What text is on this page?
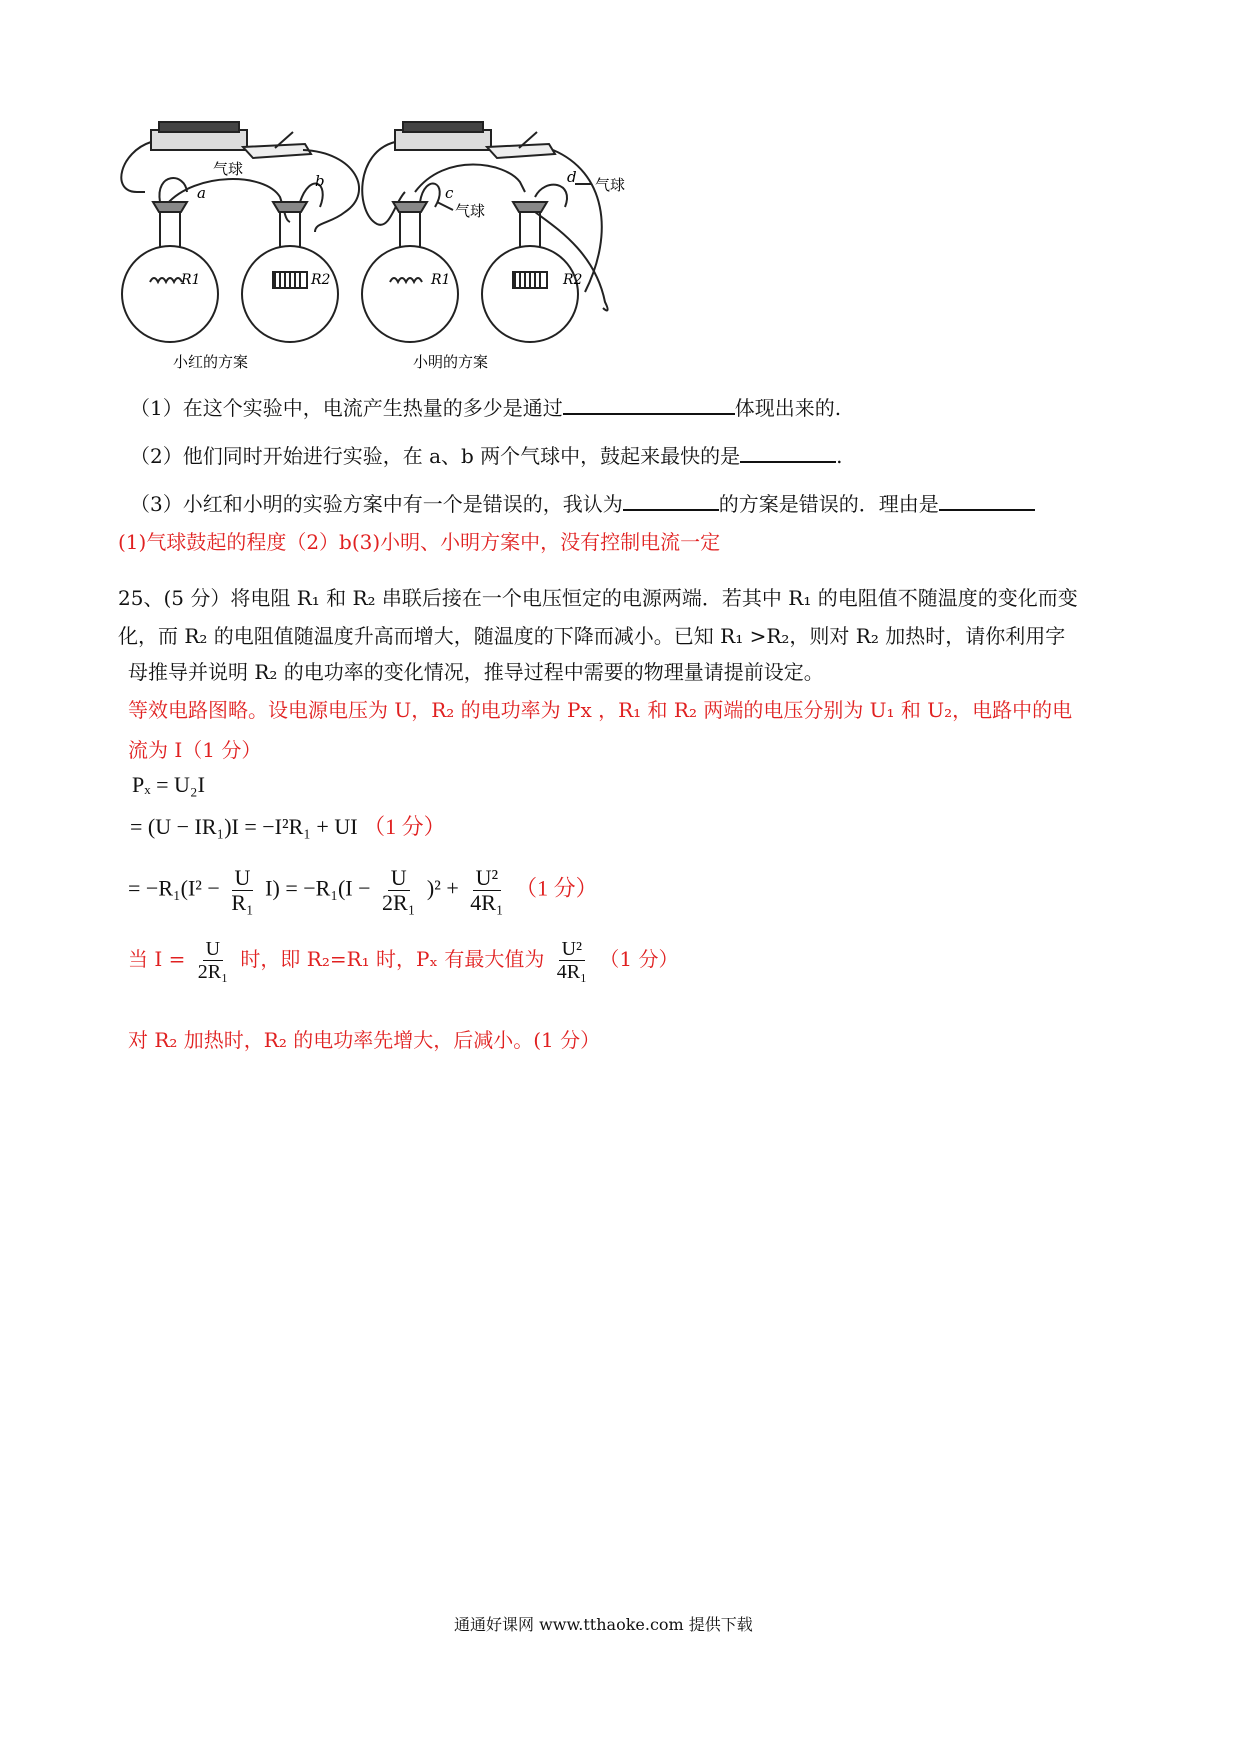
气球
a
b
R1	R2
c
气球
d 气球
R1	R2
小红的方案	小明的方案
（1）在这个实验中，电流产生热量的多少是通过	体现出来的.
（2）他们同时开始进行实验，在 a、b 两个气球中，鼓起来最快的是	.
（3）小红和小明的实验方案中有一个是错误的，我认为	的方案是错误的．理由是
(1)气球鼓起的程度（2）b(3)小明、小明方案中，没有控制电流一定
25、(5 分）将电阻 R₁ 和 R₂ 串联后接在一个电压恒定的电源两端．若其中 R₁ 的电阻值不随温度的变化而变
化，而 R₂ 的电阻值随温度升高而增大，随温度的下降而减小。已知 R₁ >R₂，则对 R₂ 加热时，请你利用字
母推导并说明 R₂ 的电功率的变化情况，推导过程中需要的物理量请提前设定。
等效电路图略。设电源电压为 U，R₂ 的电功率为 Px ，R₁ 和 R₂ 两端的电压分别为 U₁ 和 U₂，电路中的电
流为 I（1 分）
Pₓ = U₂I
= (U − IR₁)I = −I²R₁ + UI （1 分）
= $-R_1(I^2 - \frac{U}{\text{R₁}} I) = -R_1(I - \frac{U}{\text{2R₁}} )^2 + \frac{\text{U²}}{\text{4R₁}} (1$ 分）
当 $I = \frac{U}{\text{2R₁}}$ 时，即 R₂=R₁ 时，Pₓ 有最大值为 $\frac{\text{U²}}{\text{4R₁}} (1$ 分）
对 R₂ 加热时，R₂ 的电功率先增大，后减小。(1 分）
通通好课网 www.tthaoke.com 提供下载
